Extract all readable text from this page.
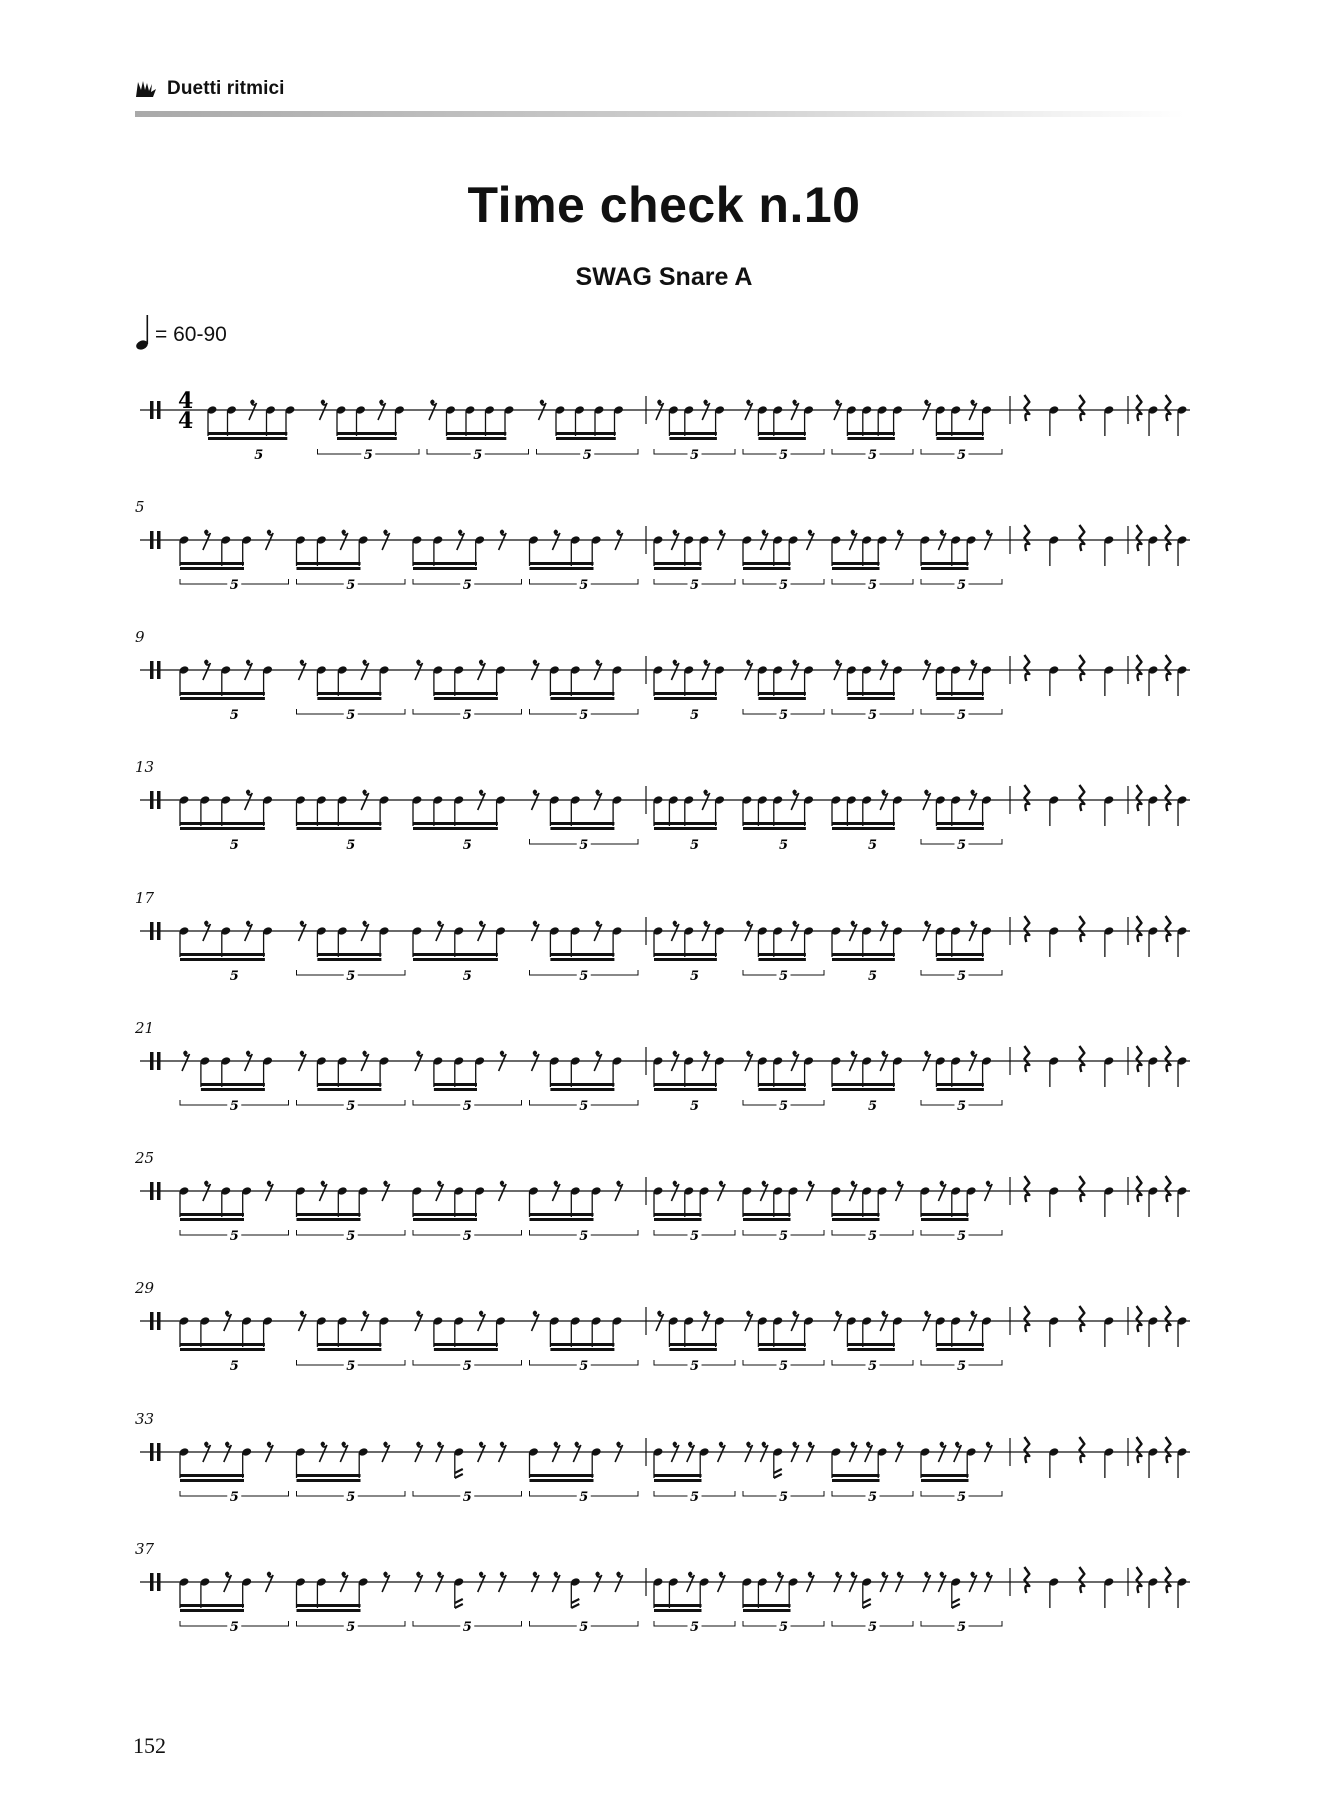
Duetti ritmici
Time check n.10
SWAG Snare A
= 60-90
4
4
5	5	5	5	5	5	5	5
5
5	5	5	5	5	5	5	5
9
5	5	5	5	5	5	5	5
13
5	5	5	5	5	5	5	5
17
5	5	5	5	5	5	5	5
21
5	5	5	5	5	5	5	5
25
5	5	5	5	5	5	5	5
29
5	5	5	5	5	5	5	5
33
5	5	5	5	5	5	5	5
37
5	5	5	5	5	5	5	5
152
